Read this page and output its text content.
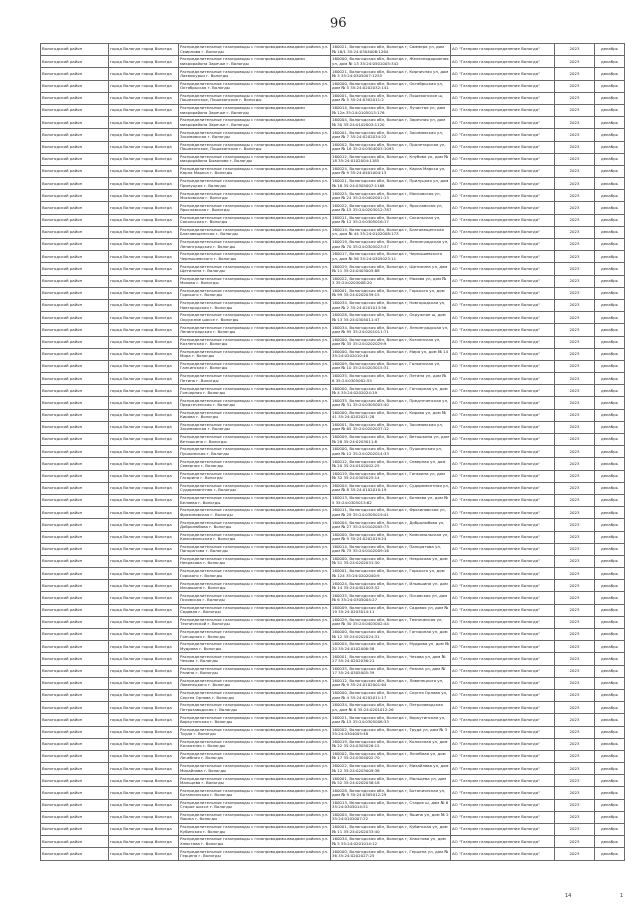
96
Вологодский район	город Вологда город Вологда	Распределительные газопроводы с газопроводами-вводами района ул. Смирнова г. Вологды	160021, Вологодская обл, Вологда г, Саммера ул, дом № 18/1 35:24:0304008:1264	АО "Газпром газораспределение Вологда"	2023	декабрь
Вологодский район	город Вологда город Вологда	Распределительные газопроводы с газопроводами-вводами микрорайона Заречье г. Вологды	160000, Вологодская обл, Вологда г, Железнодорожная ул, дом № 13 35:24:0501005:342	АО "Газпром газораспределение Вологда"	2023	декабрь
Вологодский район	город Вологда город Вологда	Распределительные газопроводы с газопроводами-вводами района ул. Лахмокурьи г. Вологды	160021, Вологодская обл, Вологда г, Кирпичная ул, дом № 3 35:24:0305007:1255	АО "Газпром газораспределение Вологда"	2023	декабрь
Вологодский район	город Вологда город Вологда	Распределительные газопроводы с газопроводами-вводами района ул. Октябрьская г. Вологды	160000, Вологодская обл, Вологда г, Октябрьская ул, дом № 5 35:24:0202032:141	АО "Газпром газораспределение Вологда"	2023	декабрь
Вологодский район	город Вологда город Вологда	Распределительные газопроводы с газопроводами-вводами района ул. Пошехонское, Пошехонское г. Вологды	160001, Вологодская обл, Вологда г, Пошехонское ш, дом № 5 35:24:0302011:2	АО "Газпром газораспределение Вологда"	2023	декабрь
Вологодский район	город Вологда город Вологда	Распределительные газопроводы с газопроводами-вводами микрорайона Заречье г. Вологды	160014, Вологодская обл, Вологда г, Лучистая ул, дом № 12а 35:24:0105013:176	АО "Газпром газораспределение Вологда"	2023	декабрь
Вологодский район	город Вологда город Вологда	Распределительные газопроводы с газопроводами-вводами микрорайона Заречье г. Вологды	160004, Вологодская обл, Вологда г, Заречная ул, дом № 30 35:24:0102003:1120	АО "Газпром газораспределение Вологда"	2023	декабрь
Вологодский район	город Вологда город Вологда	Распределительные газопроводы с газопроводами-вводами района ул. Зосимовская г. Вологды	160001, Вологодская обл, Вологда г, Зосимовская ул, дом № 7 35:24:0202034:22	АО "Газпром газораспределение Вологда"	2023	декабрь
Вологодский район	город Вологда город Вологда	Распределительные газопроводы с газопроводами-вводами района ул. Пошехонское, Пошехонское г. Вологды	160002, Вологодская обл, Вологда г, Пролетарская ул, дом № 18 35:24:0304003:1093	АО "Газпром газораспределение Вологда"	2023	декабрь
Вологодский район	город Вологда город Вологда	Распределительные газопроводы с газопроводами-вводами микрорайона Бывалово г. Вологды	160012, Вологодская обл, Вологда г, Клубова ул, дом № 18 35:24:0102004:1185	АО "Газпром газораспределение Вологда"	2023	декабрь
Вологодский район	город Вологда город Вологда	Распределительные газопроводы с газопроводами-вводами района ул. Карла Маркса г. Вологды	160024, Вологодская обл, Вологда г, Карла Маркса ул, дом № 9 35:24:0401004:13	АО "Газпром газораспределение Вологда"	2023	декабрь
Вологодский район	город Вологда город Вологда	Распределительные газопроводы с газопроводами-вводами района ул. Прилуцкая г. Вологды	160021, Вологодская обл, Вологда г, Прилуцкая ул, дом № 18 35:24:0305007:1168	АО "Газпром газораспределение Вологда"	2023	декабрь
Вологодский район	город Вологда город Вологда	Распределительные газопроводы с газопроводами-вводами района ул. Московская г. Вологды	160025, Вологодская обл, Вологда г, Московская ул, дом № 24 35:24:0402001:13	АО "Газпром газораспределение Вологда"	2023	декабрь
Вологодский район	город Вологда город Вологда	Распределительные газопроводы с газопроводами-вводами района ул. Ярославская г. Вологды	160022, Вологодская обл, Вологда г, Ярославская ул, дом № 15 35:24:0203012:787	АО "Газпром газораспределение Вологда"	2023	декабрь
Вологодский район	город Вологда город Вологда	Распределительные газопроводы с газопроводами-вводами района ул. Сокольская г. Вологды	160011, Вологодская обл, Вологда г, Сокольская ул, дом № 12 35:24:0305016:17	АО "Газпром газораспределение Вологда"	2023	декабрь
Вологодский район	город Вологда город Вологда	Распределительные газопроводы с газопроводами-вводами района ул. Благовещенская г. Вологды	160014, Вологодская обл, Вологда г, Благовещенская ул, дом № 44 35:24:0102008:173	АО "Газпром газораспределение Вологда"	2023	декабрь
Вологодский район	город Вологда город Вологда	Распределительные газопроводы с газопроводами-вводами района ул. Ленинградская г. Вологды	160019, Вологодская обл, Вологда г, Ленинградская ул, дом № 70 35:24:0305023:37	АО "Газпром газораспределение Вологда"	2023	декабрь
Вологодский район	город Вологда город Вологда	Распределительные газопроводы с газопроводами-вводами района ул. Чернышевского г. Вологды	160017, Вологодская обл, Вологда г, Чернышевского ул, дом № 56 35:24:0305023:11	АО "Газпром газораспределение Вологда"	2023	декабрь
Вологодский район	город Вологда город Вологда	Распределительные газопроводы с газопроводами-вводами района ул. Щетинина г. Вологды	160029, Вологодская обл, Вологда г, Щетинина ул, дом № 11 35:24:0403005:88	АО "Газпром газораспределение Вологда"	2023	декабрь
Вологодский район	город Вологда город Вологда	Распределительные газопроводы с газопроводами-вводами района ул. Мохова г. Вологды	160022, Вологодская обл, Вологда г, Мохова ул, дом № 3 35:24:0203008:20	АО "Газпром газораспределение Вологда"	2023	декабрь
Вологодский район	город Вологда город Вологда	Распределительные газопроводы с газопроводами-вводами района ул. Горького г. Вологды	160001, Вологодская обл, Вологда г, Горького ул, дом № 99 35:24:0202039:15	АО "Газпром газораспределение Вологда"	2023	декабрь
Вологодский район	город Вологда город Вологда	Распределительные газопроводы с газопроводами-вводами района ул. Новгородская г. Вологды	160034, Вологодская обл, Вологда г, Новгородская ул, дом № 2 35:24:0201013:56	АО "Газпром газораспределение Вологда"	2023	декабрь
Вологодский район	город Вологда город Вологда	Распределительные газопроводы с газопроводами-вводами района ул. Окружное шоссе г. Вологды	160028, Вологодская обл, Вологда г, Окружное ш, дом № 13 35:24:0305011:47	АО "Газпром газораспределение Вологда"	2023	декабрь
Вологодский район	город Вологда город Вологда	Распределительные газопроводы с газопроводами-вводами района ул. Ленинградская г. Вологды	160034, Вологодская обл, Вологда г, Ленинградская ул, дом № 95 35:24:0201011:71	АО "Газпром газораспределение Вологда"	2023	декабрь
Вологодский район	город Вологда город Вологда	Распределительные газопроводы с газопроводами-вводами района ул. Козленская г. Вологды	160000, Вологодская обл, Вологда г, Козленская ул, дом № 35 35:24:0202029:9	АО "Газпром газораспределение Вологда"	2023	декабрь
Вологодский район	город Вологда город Вологда	Распределительные газопроводы с газопроводами-вводами района ул. Мира г. Вологды	160000, Вологодская обл, Вологда г, Мира ул, дом № 14 35:24:0202010:46	АО "Газпром газораспределение Вологда"	2023	декабрь
Вологодский район	город Вологда город Вологда	Распределительные газопроводы с газопроводами-вводами района ул. Галкинская г. Вологды	160009, Вологодская обл, Вологда г, Галкинская ул, дом № 10 35:24:0203015:31	АО "Газпром газораспределение Вологда"	2023	декабрь
Вологодский район	город Вологда город Вологда	Распределительные газопроводы с газопроводами-вводами района ул. Петина г. Вологды	160035, Вологодская обл, Вологда г, Петина ул, дом № 6 35:24:0305002:55	АО "Газпром газораспределение Вологда"	2023	декабрь
Вологодский район	город Вологда город Вологда	Распределительные газопроводы с газопроводами-вводами района ул. Гончарная г. Вологды	160000, Вологодская обл, Вологда г, Гончарная ул, дом № 4 35:24:0202024:19	АО "Газпром газораспределение Вологда"	2023	декабрь
Вологодский район	город Вологда город Вологда	Распределительные газопроводы с газопроводами-вводами района ул. Предтеченская г. Вологды	160035, Вологодская обл, Вологда г, Предтеченская ул, дом № 31 35:24:0305003:40	АО "Газпром газораспределение Вологда"	2023	декабрь
Вологодский район	город Вологда город Вологда	Распределительные газопроводы с газопроводами-вводами района ул. Кирова г. Вологды	160000, Вологодская обл, Вологда г, Кирова ул, дом № 41 35:24:0202021:28	АО "Газпром газораспределение Вологда"	2023	декабрь
Вологодский район	город Вологда город Вологда	Распределительные газопроводы с газопроводами-вводами района ул. Зосимовская г. Вологды	160001, Вологодская обл, Вологда г, Зосимовская ул, дом № 65 35:24:0202037:12	АО "Газпром газораспределение Вологда"	2023	декабрь
Вологодский район	город Вологда город Вологда	Распределительные газопроводы с газопроводами-вводами района ул. Ветошкина г. Вологды	160009, Вологодская обл, Вологда г, Ветошкина ул, дом № 28 35:24:0203011:8	АО "Газпром газораспределение Вологда"	2023	декабрь
Вологодский район	город Вологда город Вологда	Распределительные газопроводы с газопроводами-вводами района ул. Пушкинская г. Вологды	160000, Вологодская обл, Вологда г, Пушкинская ул, дом № 12 35:24:0202014:33	АО "Газпром газораспределение Вологда"	2023	декабрь
Вологодский район	город Вологда город Вологда	Распределительные газопроводы с газопроводами-вводами района ул. Северная г. Вологды	160012, Вологодская обл, Вологда г, Северная ул, дом № 20 35:24:0102002:25	АО "Газпром газораспределение Вологда"	2023	декабрь
Вологодский район	город Вологда город Вологда	Распределительные газопроводы с газопроводами-вводами района ул. Гагарина г. Вологды	160019, Вологодская обл, Вологда г, Гагарина ул, дом № 32 35:24:0305025:14	АО "Газпром газораспределение Вологда"	2023	декабрь
Вологодский район	город Вологда город Вологда	Распределительные газопроводы с газопроводами-вводами района ул. Судоремонтная г. Вологды	160004, Вологодская обл, Вологда г, Судоремонтная ул, дом № 8 35:24:0102010:19	АО "Газпром газораспределение Вологда"	2023	декабрь
Вологодский район	город Вологда город Вологда	Распределительные газопроводы с газопроводами-вводами района ул. Беляева г. Вологды	160013, Вологодская обл, Вологда г, Беляева ул, дом № 5 35:24:0305013:62	АО "Газпром газораспределение Вологда"	2023	декабрь
Вологодский район	город Вологда город Вологда	Распределительные газопроводы с газопроводами-вводами района ул. Фрязиновская г. Вологды	160011, Вологодская обл, Вологда г, Фрязиновская ул, дом № 29 35:24:0305019:41	АО "Газпром газораспределение Вологда"	2023	декабрь
Вологодский район	город Вологда город Вологда	Распределительные газопроводы с газопроводами-вводами района ул. Добролюбова г. Вологды	160004, Вологодская обл, Вологда г, Добролюбова ул, дом № 27 35:24:0102005:73	АО "Газпром газораспределение Вологда"	2023	декабрь
Вологодский район	город Вологда город Вологда	Распределительные газопроводы с газопроводами-вводами района ул. Комсомольская г. Вологды	160000, Вологодская обл, Вологда г, Комсомольская ул, дом № 9 35:24:0202019:24	АО "Газпром газораспределение Вологда"	2023	декабрь
Вологодский район	город Вологда город Вологда	Распределительные газопроводы с газопроводами-вводами района ул. Панкратова г. Вологды	160014, Вологодская обл, Вологда г, Панкратова ул, дом № 75 35:24:0102009:16	АО "Газпром газораспределение Вологда"	2023	декабрь
Вологодский район	город Вологда город Вологда	Распределительные газопроводы с газопроводами-вводами района ул. Некрасова г. Вологды	160000, Вологодская обл, Вологда г, Некрасова ул, дом № 51 35:24:0202031:30	АО "Газпром газораспределение Вологда"	2023	декабрь
Вологодский район	город Вологда город Вологда	Распределительные газопроводы с газопроводами-вводами района ул. Горького г. Вологды	160001, Вологодская обл, Вологда г, Горького ул, дом № 124 35:24:0202040:9	АО "Газпром газораспределение Вологда"	2023	декабрь
Вологодский район	город Вологда город Вологда	Распределительные газопроводы с газопроводами-вводами района ул. Ильюшина г. Вологды	160024, Вологодская обл, Вологда г, Ильюшина ул, дом № 14 35:24:0401003:52	АО "Газпром газораспределение Вологда"	2023	декабрь
Вологодский район	город Вологда город Вологда	Распределительные газопроводы с газопроводами-вводами района ул. Псковская г. Вологды	160035, Вологодская обл, Вологда г, Псковская ул, дом № 6 35:24:0305004:27	АО "Газпром газораспределение Вологда"	2023	декабрь
Вологодский район	город Вологда город Вологда	Распределительные газопроводы с газопроводами-вводами района ул. Садовая г. Вологды	160009, Вологодская обл, Вологда г, Садовая ул, дом № 19 35:24:0203014:11	АО "Газпром газораспределение Вологда"	2023	декабрь
Вологодский район	город Вологда город Вологда	Распределительные газопроводы с газопроводами-вводами района ул. Технической г. Вологды	160029, Вологодская обл, Вологда г, Техническая ул, дом № 30 35:24:0403002:44	АО "Газпром газораспределение Вологда"	2023	декабрь
Вологодский район	город Вологда город Вологда	Распределительные газопроводы с газопроводами-вводами района ул. Гончарная г. Вологды	160000, Вологодская обл, Вологда г, Гончарная ул, дом № 12 35:24:0202024:31	АО "Газпром газораспределение Вологда"	2023	декабрь
Вологодский район	город Вологда город Вологда	Распределительные газопроводы с газопроводами-вводами района ул. Мудрова г. Вологды	160004, Вологодская обл, Вологда г, Мудрова ул, дом № 20 35:24:0102006:58	АО "Газпром газораспределение Вологда"	2023	декабрь
Вологодский район	город Вологда город Вологда	Распределительные газопроводы с газопроводами-вводами района ул. Чехова г. Вологды	160001, Вологодская обл, Вологда г, Чехова ул, дом № 27 35:24:0202036:21	АО "Газпром газораспределение Вологда"	2023	декабрь
Вологодский район	город Вологда город Вологда	Распределительные газопроводы с газопроводами-вводами района ул. Разина г. Вологды	160035, Вологодская обл, Вологда г, Разина ул, дом № 17 35:24:0305005:39	АО "Газпром газораспределение Вологда"	2023	декабрь
Вологодский район	город Вологда город Вологда	Распределительные газопроводы с газопроводами-вводами района ул. Ловенецкого г. Вологды	160012, Вологодская обл, Вологда г, Ловенецкого ул, дом № 9 35:24:0102001:64	АО "Газпром газораспределение Вологда"	2023	декабрь
Вологодский район	город Вологда город Вологда	Распределительные газопроводы с газопроводами-вводами района ул. Сергея Орлова г. Вологды	160000, Вологодская обл, Вологда г, Сергея Орлова ул, дом № 4 35:24:0202011:17	АО "Газпром газораспределение Вологда"	2023	декабрь
Вологодский район	город Вологда город Вологда	Распределительные газопроводы с газопроводами-вводами района ул. Петрозаводская г. Вологды	160034, Вологодская обл, Вологда г, Петрозаводская ул, дом № 8 35:24:0201012:26	АО "Газпром газораспределение Вологда"	2023	декабрь
Вологодский район	город Вологда город Вологда	Распределительные газопроводы с газопроводами-вводами района ул. Воркутинская г. Вологды	160021, Вологодская обл, Вологда г, Воркутинская ул, дом № 15 35:24:0305008:33	АО "Газпром газораспределение Вологда"	2023	декабрь
Вологодский район	город Вологда город Вологда	Распределительные газопроводы с газопроводами-вводами района ул. Труда г. Вологды	160002, Вологодская обл, Вологда г, Труда ул, дом № 3 35:24:0304005:48	АО "Газпром газораспределение Вологда"	2023	декабрь
Вологодский район	город Вологда город Вологда	Распределительные газопроводы с газопроводами-вводами района ул. Колхозная г. Вологды	160019, Вологодская обл, Вологда г, Колхозная ул, дом № 22 35:24:0305026:15	АО "Газпром газораспределение Вологда"	2023	декабрь
Вологодский район	город Вологда город Вологда	Распределительные газопроводы с газопроводами-вводами района ул. Лечебная г. Вологды	160002, Вологодская обл, Вологда г, Лечебная ул, дом № 17 35:24:0304002:70	АО "Газпром газораспределение Вологда"	2023	декабрь
Вологодский район	город Вологда город Вологда	Распределительные газопроводы с газопроводами-вводами района ул. Михайлова г. Вологды	160022, Вологодская обл, Вологда г, Михайлова ул, дом № 12 35:24:0203009:36	АО "Газпром газораспределение Вологда"	2023	декабрь
Вологодский район	город Вологда город Вологда	Распределительные газопроводы с газопроводами-вводами района ул. Мальцева г. Вологды	160001, Вологодская обл, Вологда г, Мальцева ул, дом № 52 35:24:0202038:18	АО "Газпром газораспределение Вологда"	2023	декабрь
Вологодский район	город Вологда город Вологда	Распределительные газопроводы с газопроводами-вводами района ул. Ботаническая г. Вологды	160028, Вологодская обл, Вологда г, Ботаническая ул, дом № 9 35:24:0305012:29	АО "Газпром газораспределение Вологда"	2023	декабрь
Вологодский район	город Вологда город Вологда	Распределительные газопроводы с газопроводами-вводами района ул. Старое шоссе г. Вологды	160013, Вологодская обл, Вологда г, Старое ш, дом № 6 35:24:0305014:51	АО "Газпром газораспределение Вологда"	2023	декабрь
Вологодский район	город Вологда город Вологда	Распределительные газопроводы с газопроводами-вводами района ул. Яшина г. Вологды	160004, Вологодская обл, Вологда г, Яшина ул, дом № 2 35:24:0102007:22	АО "Газпром газораспределение Вологда"	2023	декабрь
Вологодский район	город Вологда город Вологда	Распределительные газопроводы с газопроводами-вводами района ул. Кубинская г. Вологды	160001, Вологодская обл, Вологда г, Кубинская ул, дом № 11 35:24:0202033:40	АО "Газпром газораспределение Вологда"	2023	декабрь
Вологодский район	город Вологда город Вологда	Распределительные газопроводы с газопроводами-вводами района ул. Хлюстова г. Вологды	160034, Вологодская обл, Вологда г, Хлюстова ул, дом № 5 35:24:0201014:12	АО "Газпром газораспределение Вологда"	2023	декабрь
Вологодский район	город Вологда город Вологда	Распределительные газопроводы с газопроводами-вводами района ул. Герцена г. Вологды	160000, Вологодская обл, Вологда г, Герцена ул, дом № 36 35:24:0202027:25	АО "Газпром газораспределение Вологда"	2023	декабрь
14	1
